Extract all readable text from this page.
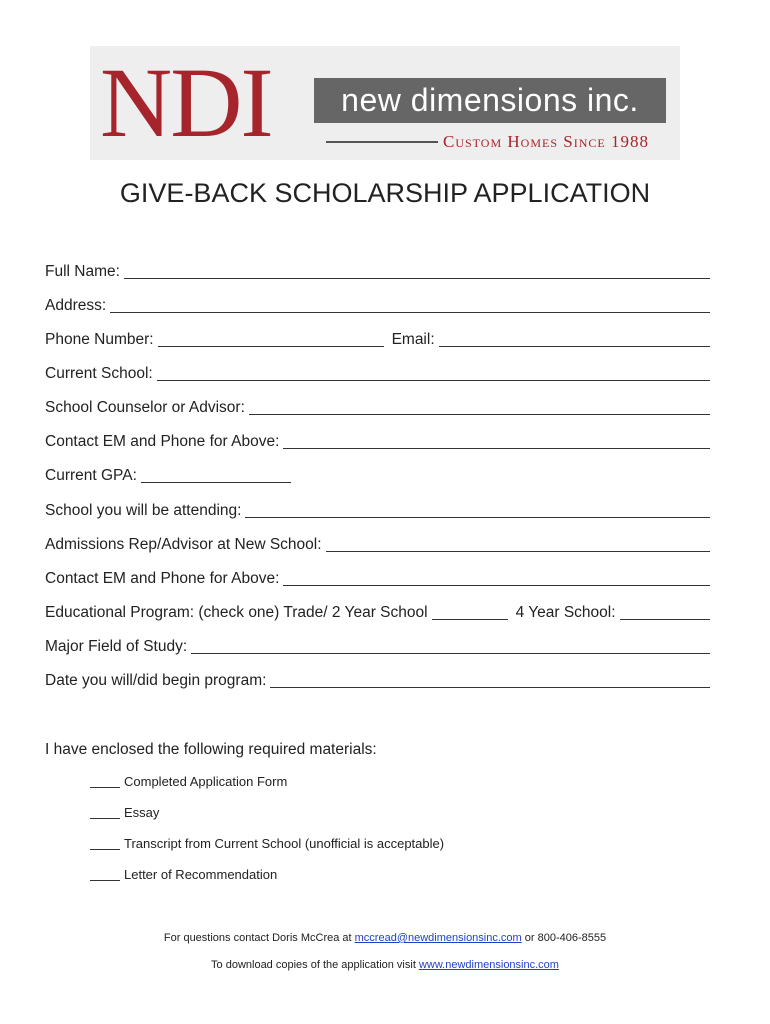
NDI	new dimensions inc.
Custom Homes Since 1988
GIVE-BACK SCHOLARSHIP APPLICATION
Full Name:
Address:
Phone Number:	Email:
Current School:
School Counselor or Advisor:
Contact EM and Phone for Above:
Current GPA:
School you will be attending:
Admissions Rep/Advisor at New School:
Contact EM and Phone for Above:
Educational Program: (check one) Trade/ 2 Year School	4 Year School:
Major Field of Study:
Date you will/did begin program:
I have enclosed the following required materials:
Completed Application Form
Essay
Transcript from Current School (unofficial is acceptable)
Letter of Recommendation
For questions contact Doris McCrea at mccread@newdimensionsinc.com or 800-406-8555
To download copies of the application visit www.newdimensionsinc.com
